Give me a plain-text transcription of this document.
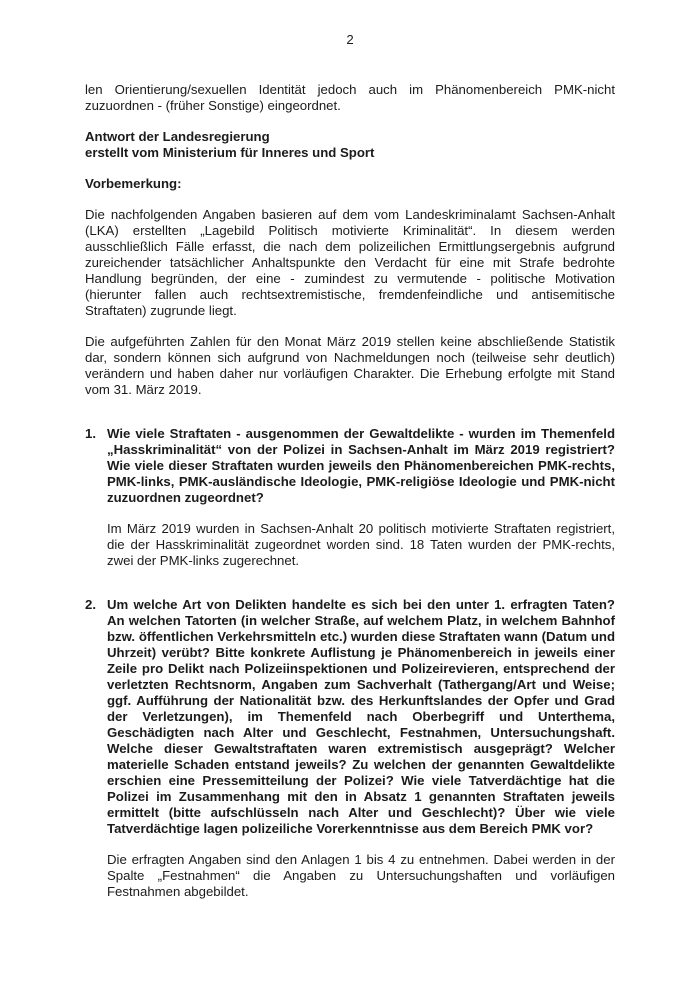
2

len Orientierung/sexuellen Identität jedoch auch im Phänomenbereich PMK-nicht zuzuordnen - (früher Sonstige) eingeordnet.

Antwort der Landesregierung
erstellt vom Ministerium für Inneres und Sport
Vorbemerkung:

Die nachfolgenden Angaben basieren auf dem vom Landeskriminalamt Sachsen-Anhalt (LKA) erstellten „Lagebild Politisch motivierte Kriminalität“. In diesem werden ausschließlich Fälle erfasst, die nach dem polizeilichen Ermittlungsergebnis aufgrund zureichender tatsächlicher Anhaltspunkte den Verdacht für eine mit Strafe bedrohte Handlung begründen, der eine - zumindest zu vermutende - politische Motivation (hierunter fallen auch rechtsextremistische, fremdenfeindliche und antisemitische Straftaten) zugrunde liegt.

Die aufgeführten Zahlen für den Monat März 2019 stellen keine abschließende Statistik dar, sondern können sich aufgrund von Nachmeldungen noch (teilweise sehr deutlich) verändern und haben daher nur vorläufigen Charakter. Die Erhebung erfolgte mit Stand vom 31. März 2019.

1. Wie viele Straftaten - ausgenommen der Gewaltdelikte - wurden im Themenfeld „Hasskriminalität“ von der Polizei in Sachsen-Anhalt im März 2019 registriert? Wie viele dieser Straftaten wurden jeweils den Phänomenbereichen PMK-rechts, PMK-links, PMK-ausländische Ideologie, PMK-religiöse Ideologie und PMK-nicht zuzuordnen zugeordnet?

Im März 2019 wurden in Sachsen-Anhalt 20 politisch motivierte Straftaten registriert, die der Hasskriminalität zugeordnet worden sind. 18 Taten wurden der PMK-rechts, zwei der PMK-links zugerechnet.

2. Um welche Art von Delikten handelte es sich bei den unter 1. erfragten Taten? An welchen Tatorten (in welcher Straße, auf welchem Platz, in welchem Bahnhof bzw. öffentlichen Verkehrsmitteln etc.) wurden diese Straftaten wann (Datum und Uhrzeit) verübt? Bitte konkrete Auflistung je Phänomenbereich in jeweils einer Zeile pro Delikt nach Polizeiinspektionen und Polizeirevieren, entsprechend der verletzten Rechtsnorm, Angaben zum Sachverhalt (Tathergang/Art und Weise; ggf. Aufführung der Nationalität bzw. des Herkunftslandes der Opfer und Grad der Verletzungen), im Themenfeld nach Oberbegriff und Unterthema, Geschädigten nach Alter und Geschlecht, Festnahmen, Untersuchungshaft. Welche dieser Gewaltstraftaten waren extremistisch ausgeprägt? Welcher materielle Schaden entstand jeweils? Zu welchen der genannten Gewaltdelikte erschien eine Pressemitteilung der Polizei? Wie viele Tatverdächtige hat die Polizei im Zusammenhang mit den in Absatz 1 genannten Straftaten jeweils ermittelt (bitte aufschlüsseln nach Alter und Geschlecht)? Über wie viele Tatverdächtige lagen polizeiliche Vorerkenntnisse aus dem Bereich PMK vor?

Die erfragten Angaben sind den Anlagen 1 bis 4 zu entnehmen. Dabei werden in der Spalte „Festnahmen“ die Angaben zu Untersuchungshaften und vorläufigen Festnahmen abgebildet.
